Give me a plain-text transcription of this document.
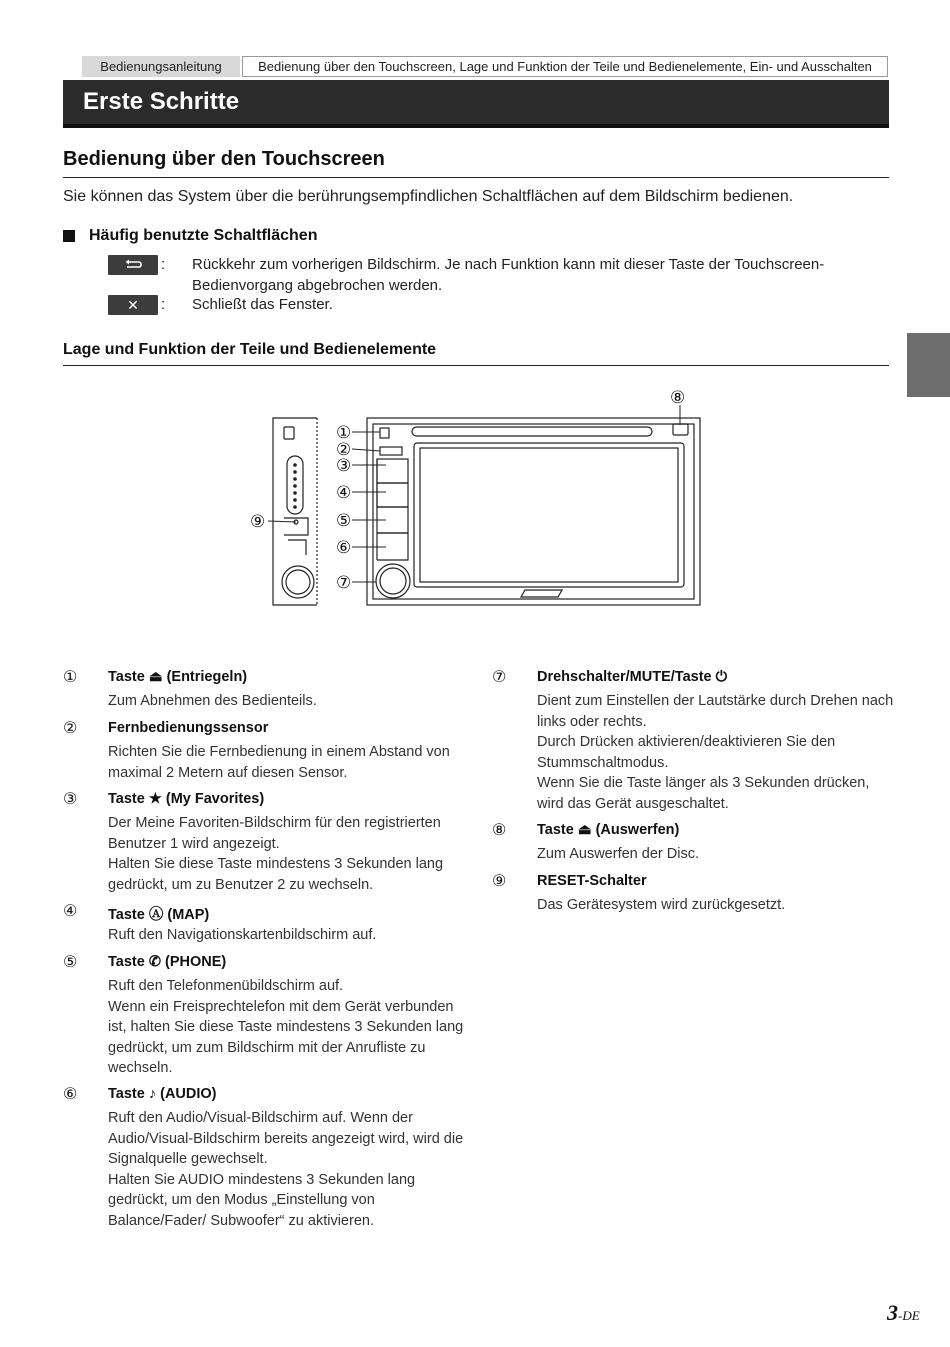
Bedienungsanleitung	Bedienung über den Touchscreen, Lage und Funktion der Teile und Bedienelemente, Ein- und Ausschalten
Erste Schritte
Bedienung über den Touchscreen
Sie können das System über die berührungsempfindlichen Schaltflächen auf dem Bildschirm bedienen.
Häufig benutzte Schaltflächen
: Rückkehr zum vorherigen Bildschirm. Je nach Funktion kann mit dieser Taste der Touchscreen-Bedienvorgang abgebrochen werden.
✕	: Schließt das Fenster.
Lage und Funktion der Teile und Bedienelemente
①
②
③
④
⑤
⑥
⑦
⑧
⑨
① Taste ⏏ (Entriegeln)
Zum Abnehmen des Bedienteils.
② Fernbedienungssensor
Richten Sie die Fernbedienung in einem Abstand von maximal 2 Metern auf diesen Sensor.
③ Taste ★ (My Favorites)
Der Meine Favoriten-Bildschirm für den registrierten Benutzer 1 wird angezeigt.
Halten Sie diese Taste mindestens 3 Sekunden lang gedrückt, um zu Benutzer 2 zu wechseln.
④ Taste Ⓐ (MAP)
Ruft den Navigationskartenbildschirm auf.
⑤ Taste ✆ (PHONE)
Ruft den Telefonmenübildschirm auf.
Wenn ein Freisprechtelefon mit dem Gerät verbunden ist, halten Sie diese Taste mindestens 3 Sekunden lang gedrückt, um zum Bildschirm mit der Anrufliste zu wechseln.
⑥ Taste ♪ (AUDIO)
Ruft den Audio/Visual-Bildschirm auf. Wenn der Audio/Visual-Bildschirm bereits angezeigt wird, wird die Signalquelle gewechselt.
Halten Sie AUDIO mindestens 3 Sekunden lang gedrückt, um den Modus „Einstellung von Balance/Fader/ Subwoofer“ zu aktivieren.
⑦ Drehschalter/MUTE/Taste ⏻
Dient zum Einstellen der Lautstärke durch Drehen nach links oder rechts.
Durch Drücken aktivieren/deaktivieren Sie den Stummschaltmodus.
Wenn Sie die Taste länger als 3 Sekunden drücken, wird das Gerät ausgeschaltet.
⑧ Taste ⏏ (Auswerfen)
Zum Auswerfen der Disc.
⑨ RESET-Schalter
Das Gerätesystem wird zurückgesetzt.
3-DE
